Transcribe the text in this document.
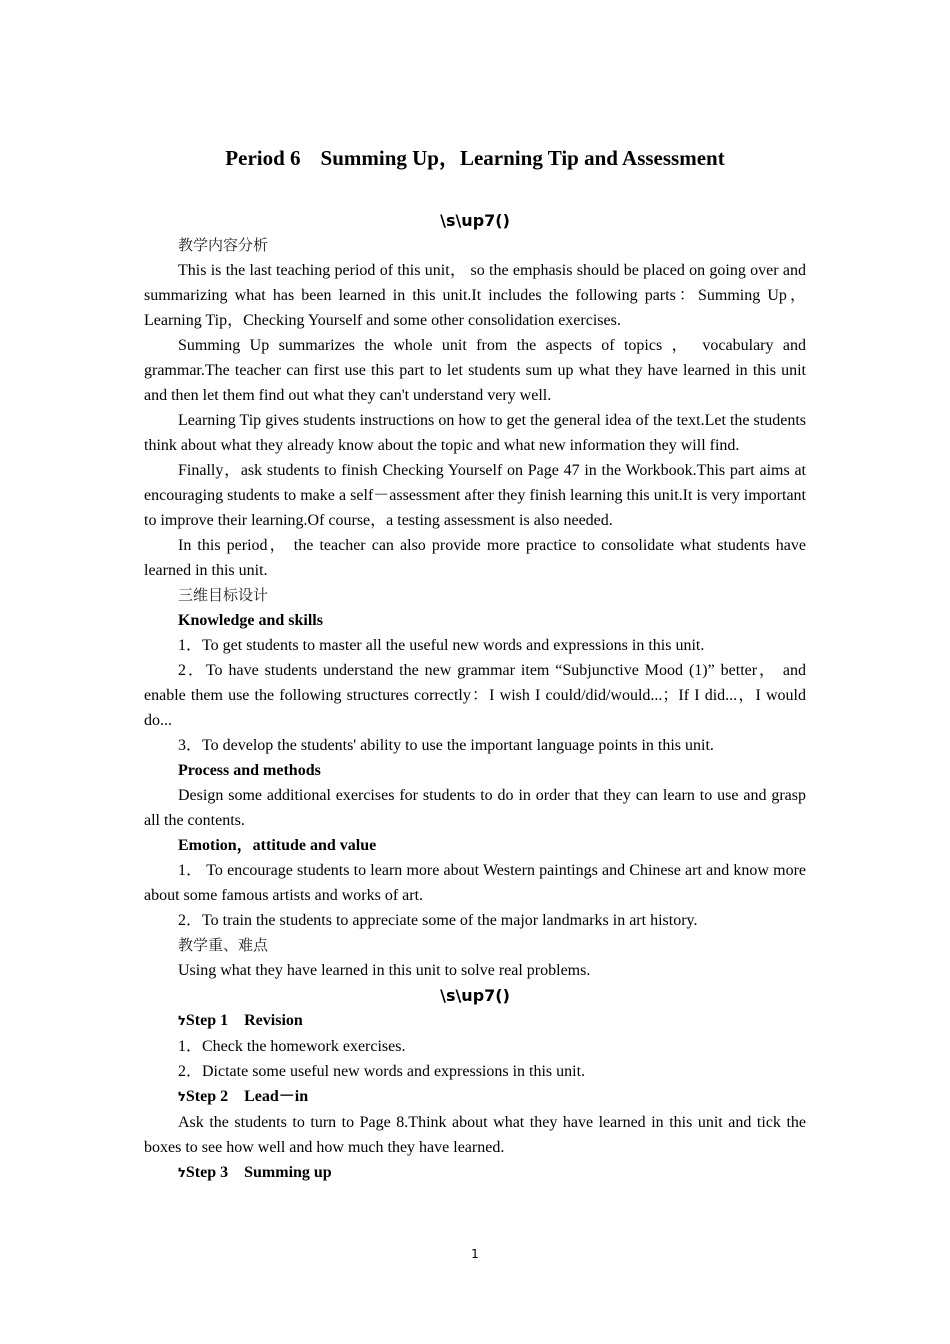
Period 6 Summing Up，Learning Tip and Assessment

\s\up7()

教学内容分析

This is the last teaching period of this unit， so the emphasis should be placed on going over and summarizing what has been learned in this unit.It includes the following parts：Summing Up，Learning Tip，Checking Yourself and some other consolidation exercises.

Summing Up summarizes the whole unit from the aspects of topics ， vocabulary and grammar.The teacher can first use this part to let students sum up what they have learned in this unit and then let them find out what they can't understand very well.

Learning Tip gives students instructions on how to get the general idea of the text.Let the students think about what they already know about the topic and what new information they will find.

Finally，ask students to finish Checking Yourself on Page 47 in the Workbook.This part aims at encouraging students to make a self－assessment after they finish learning this unit.It is very important to improve their learning.Of course，a testing assessment is also needed.

In this period， the teacher can also provide more practice to consolidate what students have learned in this unit.

三维目标设计

Knowledge and skills

1．To get students to master all the useful new words and expressions in this unit.

2．To have students understand the new grammar item “Subjunctive Mood (1)” better， and enable them use the following structures correctly：I wish I could/did/would...；If I did...，I would do...

3．To develop the students' ability to use the important language points in this unit.

Process and methods

Design some additional exercises for students to do in order that they can learn to use and grasp all the contents.

Emotion，attitude and value

1． To encourage students to learn more about Western paintings and Chinese art and know more about some famous artists and works of art.

2．To train the students to appreciate some of the major landmarks in art history.

教学重、难点

Using what they have learned in this unit to solve real problems.

\s\up7()

לStep 1 Revision

1．Check the homework exercises.

2．Dictate some useful new words and expressions in this unit.

לStep 2 Lead－in

Ask the students to turn to Page 8.Think about what they have learned in this unit and tick the boxes to see how well and how much they have learned.

לStep 3 Summing up

1
